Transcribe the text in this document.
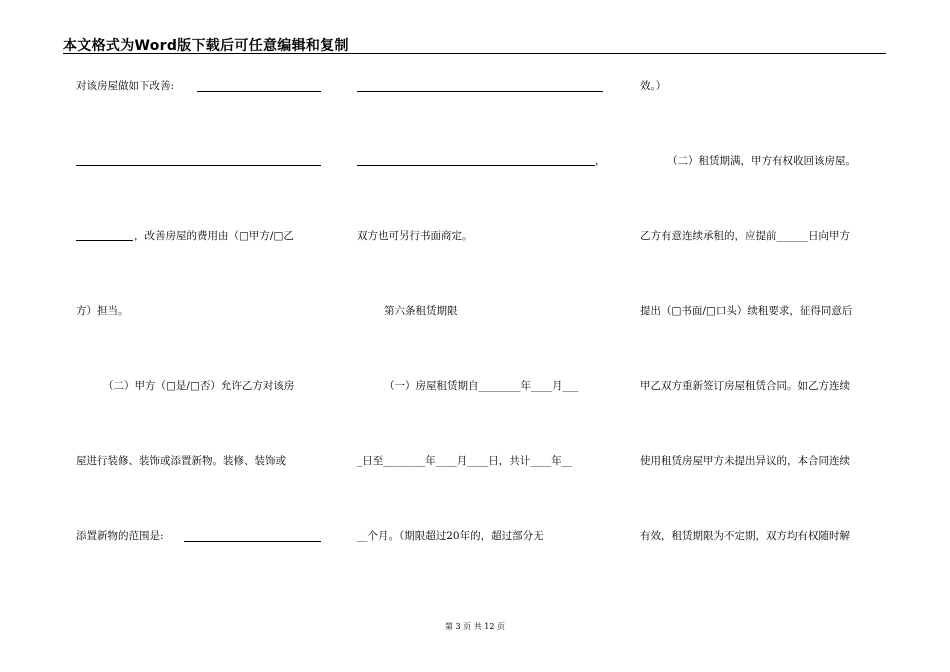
本文格式为Word版下载后可任意编辑和复制
对该房屋做如下改善:
，改善房屋的费用由（□甲方/□乙
方）担当。
（二）甲方（□是/□否）允许乙方对该房
屋进行装修、装饰或添置新物。装修、装饰或
添置新物的范围是:
，
双方也可另行书面商定。
第六条租赁期限
（一）房屋租赁期自________年____月___
_日至________年____月____日，共计____年__
__个月。（期限超过20年的，超过部分无
效。）
（二）租赁期满，甲方有权收回该房屋。
乙方有意连续承租的，应提前______日向甲方
提出（□书面/□口头）续租要求，征得同意后
甲乙双方重新签订房屋租赁合同。如乙方连续
使用租赁房屋甲方未提出异议的，本合同连续
有效，租赁期限为不定期，双方均有权随时解
第 3 页 共 12 页
